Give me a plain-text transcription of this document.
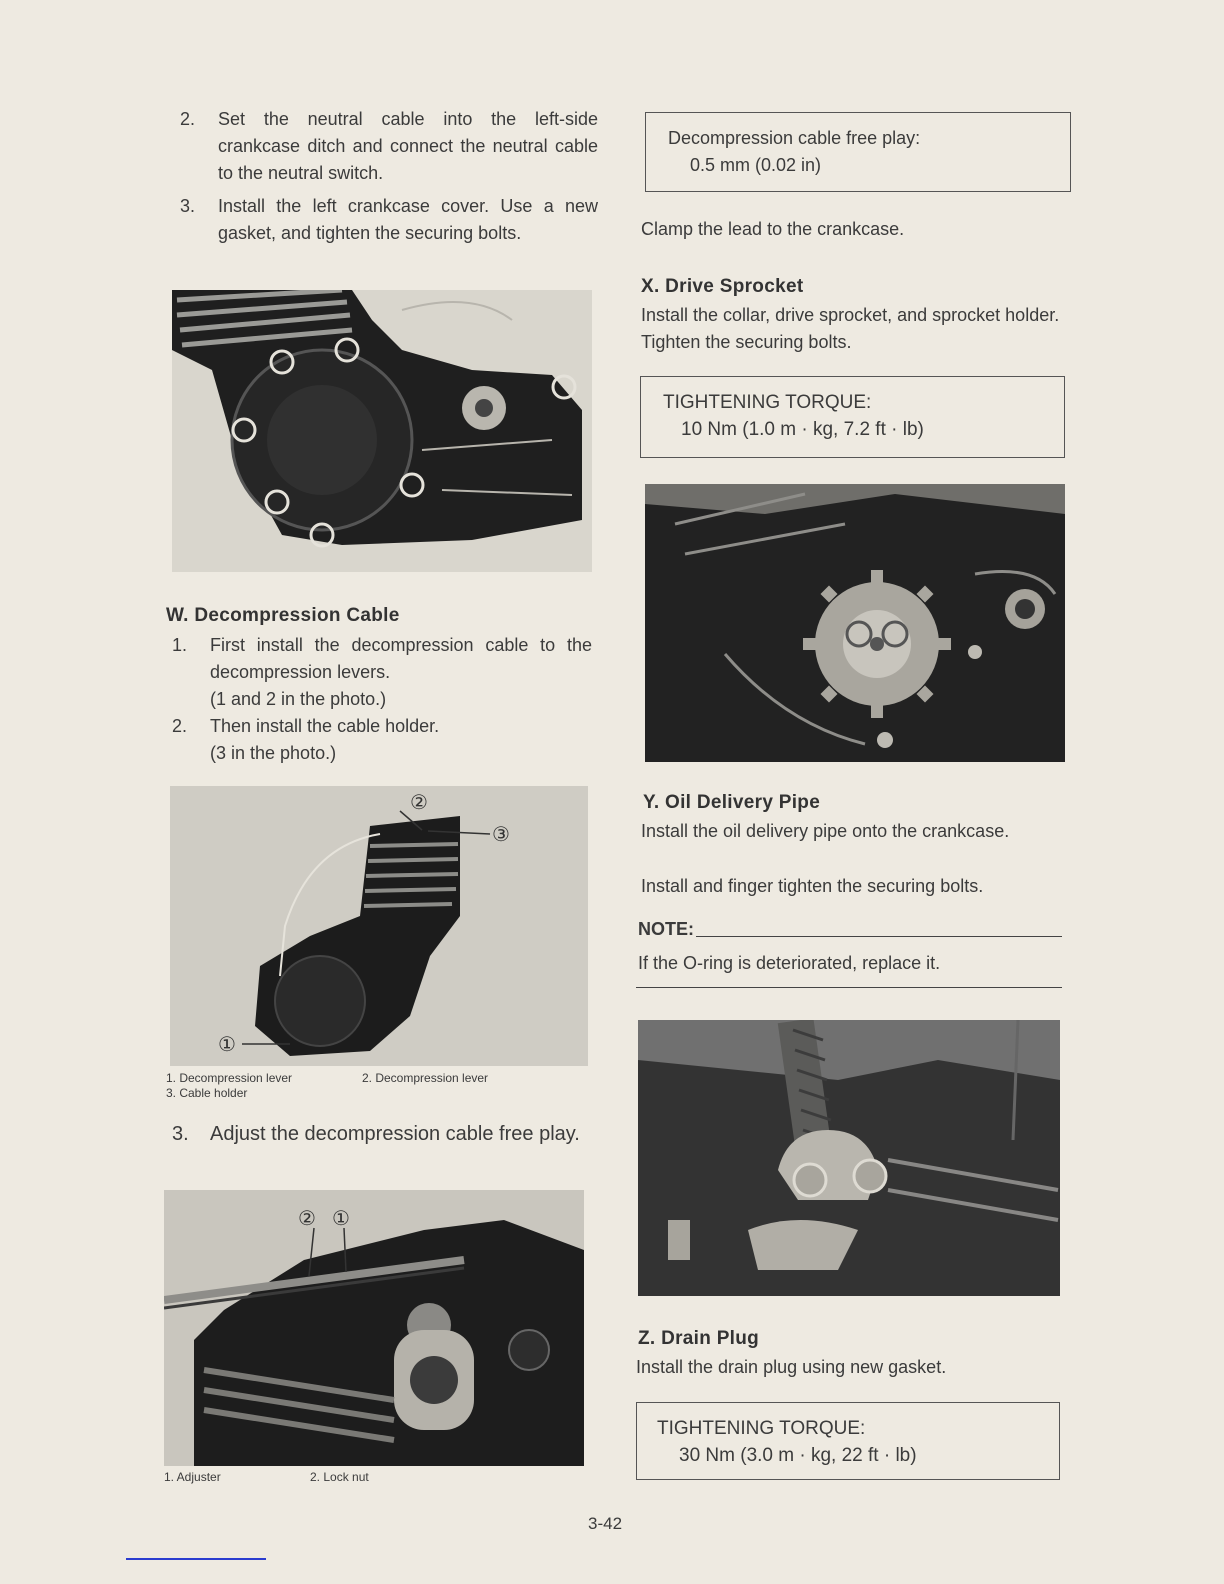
2.	Set the neutral cable into the left-side crankcase ditch and connect the neutral cable to the neutral switch.
3.	Install the left crankcase cover. Use a new gasket, and tighten the securing bolts.
W. Decompression Cable
1.	First install the decompression cable to the decompression levers.
(1 and 2 in the photo.)
2.	Then install the cable holder.
(3 in the photo.)
②
③
①
1. Decompression lever	2. Decompression lever
3. Cable holder
3.	Adjust the decompression cable free play.
② ①
1. Adjuster	2. Lock nut
Decompression cable free play:
0.5 mm (0.02 in)
Clamp the lead to the crankcase.
X. Drive Sprocket
Install the collar, drive sprocket, and sprocket holder. Tighten the securing bolts.
TIGHTENING TORQUE:
10 Nm (1.0 m · kg, 7.2 ft · lb)
Y. Oil Delivery Pipe
Install the oil delivery pipe onto the crankcase.
Install and finger tighten the securing bolts.
NOTE:
If the O-ring is deteriorated, replace it.
Z. Drain Plug
Install the drain plug using new gasket.
TIGHTENING TORQUE:
30 Nm (3.0 m · kg, 22 ft · lb)
3-42
